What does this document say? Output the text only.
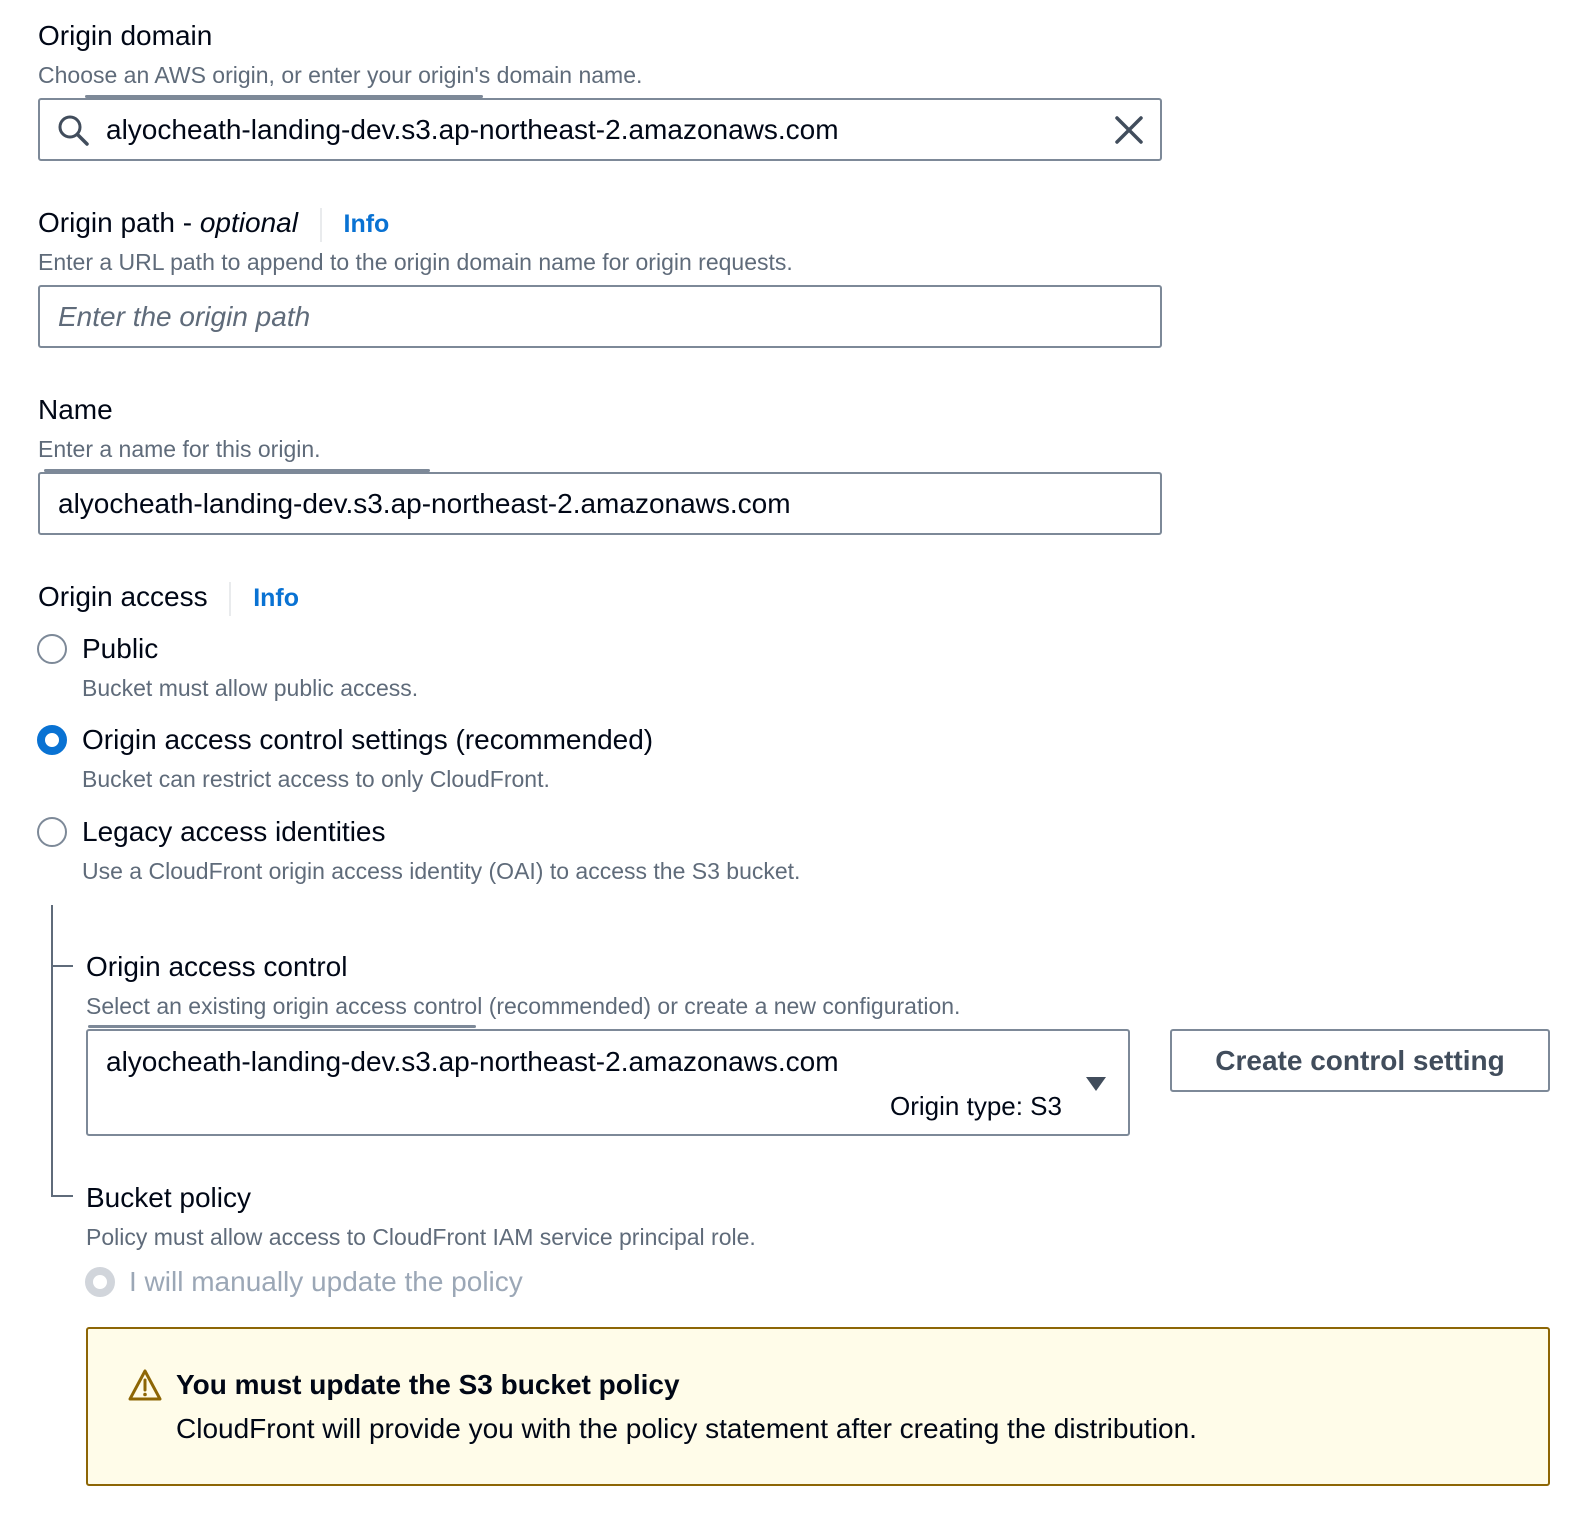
Origin domain
Choose an AWS origin, or enter your origin's domain name.
alyocheath-landing-dev.s3.ap-northeast-2.amazonaws.com
Origin path - optional Info
Enter a URL path to append to the origin domain name for origin requests.
Enter the origin path
Name
Enter a name for this origin.
alyocheath-landing-dev.s3.ap-northeast-2.amazonaws.com
Origin access Info
Public
Bucket must allow public access.
Origin access control settings (recommended)
Bucket can restrict access to only CloudFront.
Legacy access identities
Use a CloudFront origin access identity (OAI) to access the S3 bucket.
Origin access control
Select an existing origin access control (recommended) or create a new configuration.
alyocheath-landing-dev.s3.ap-northeast-2.amazonaws.com
Origin type: S3
Create control setting
Bucket policy
Policy must allow access to CloudFront IAM service principal role.
I will manually update the policy
You must update the S3 bucket policy
CloudFront will provide you with the policy statement after creating the distribution.
